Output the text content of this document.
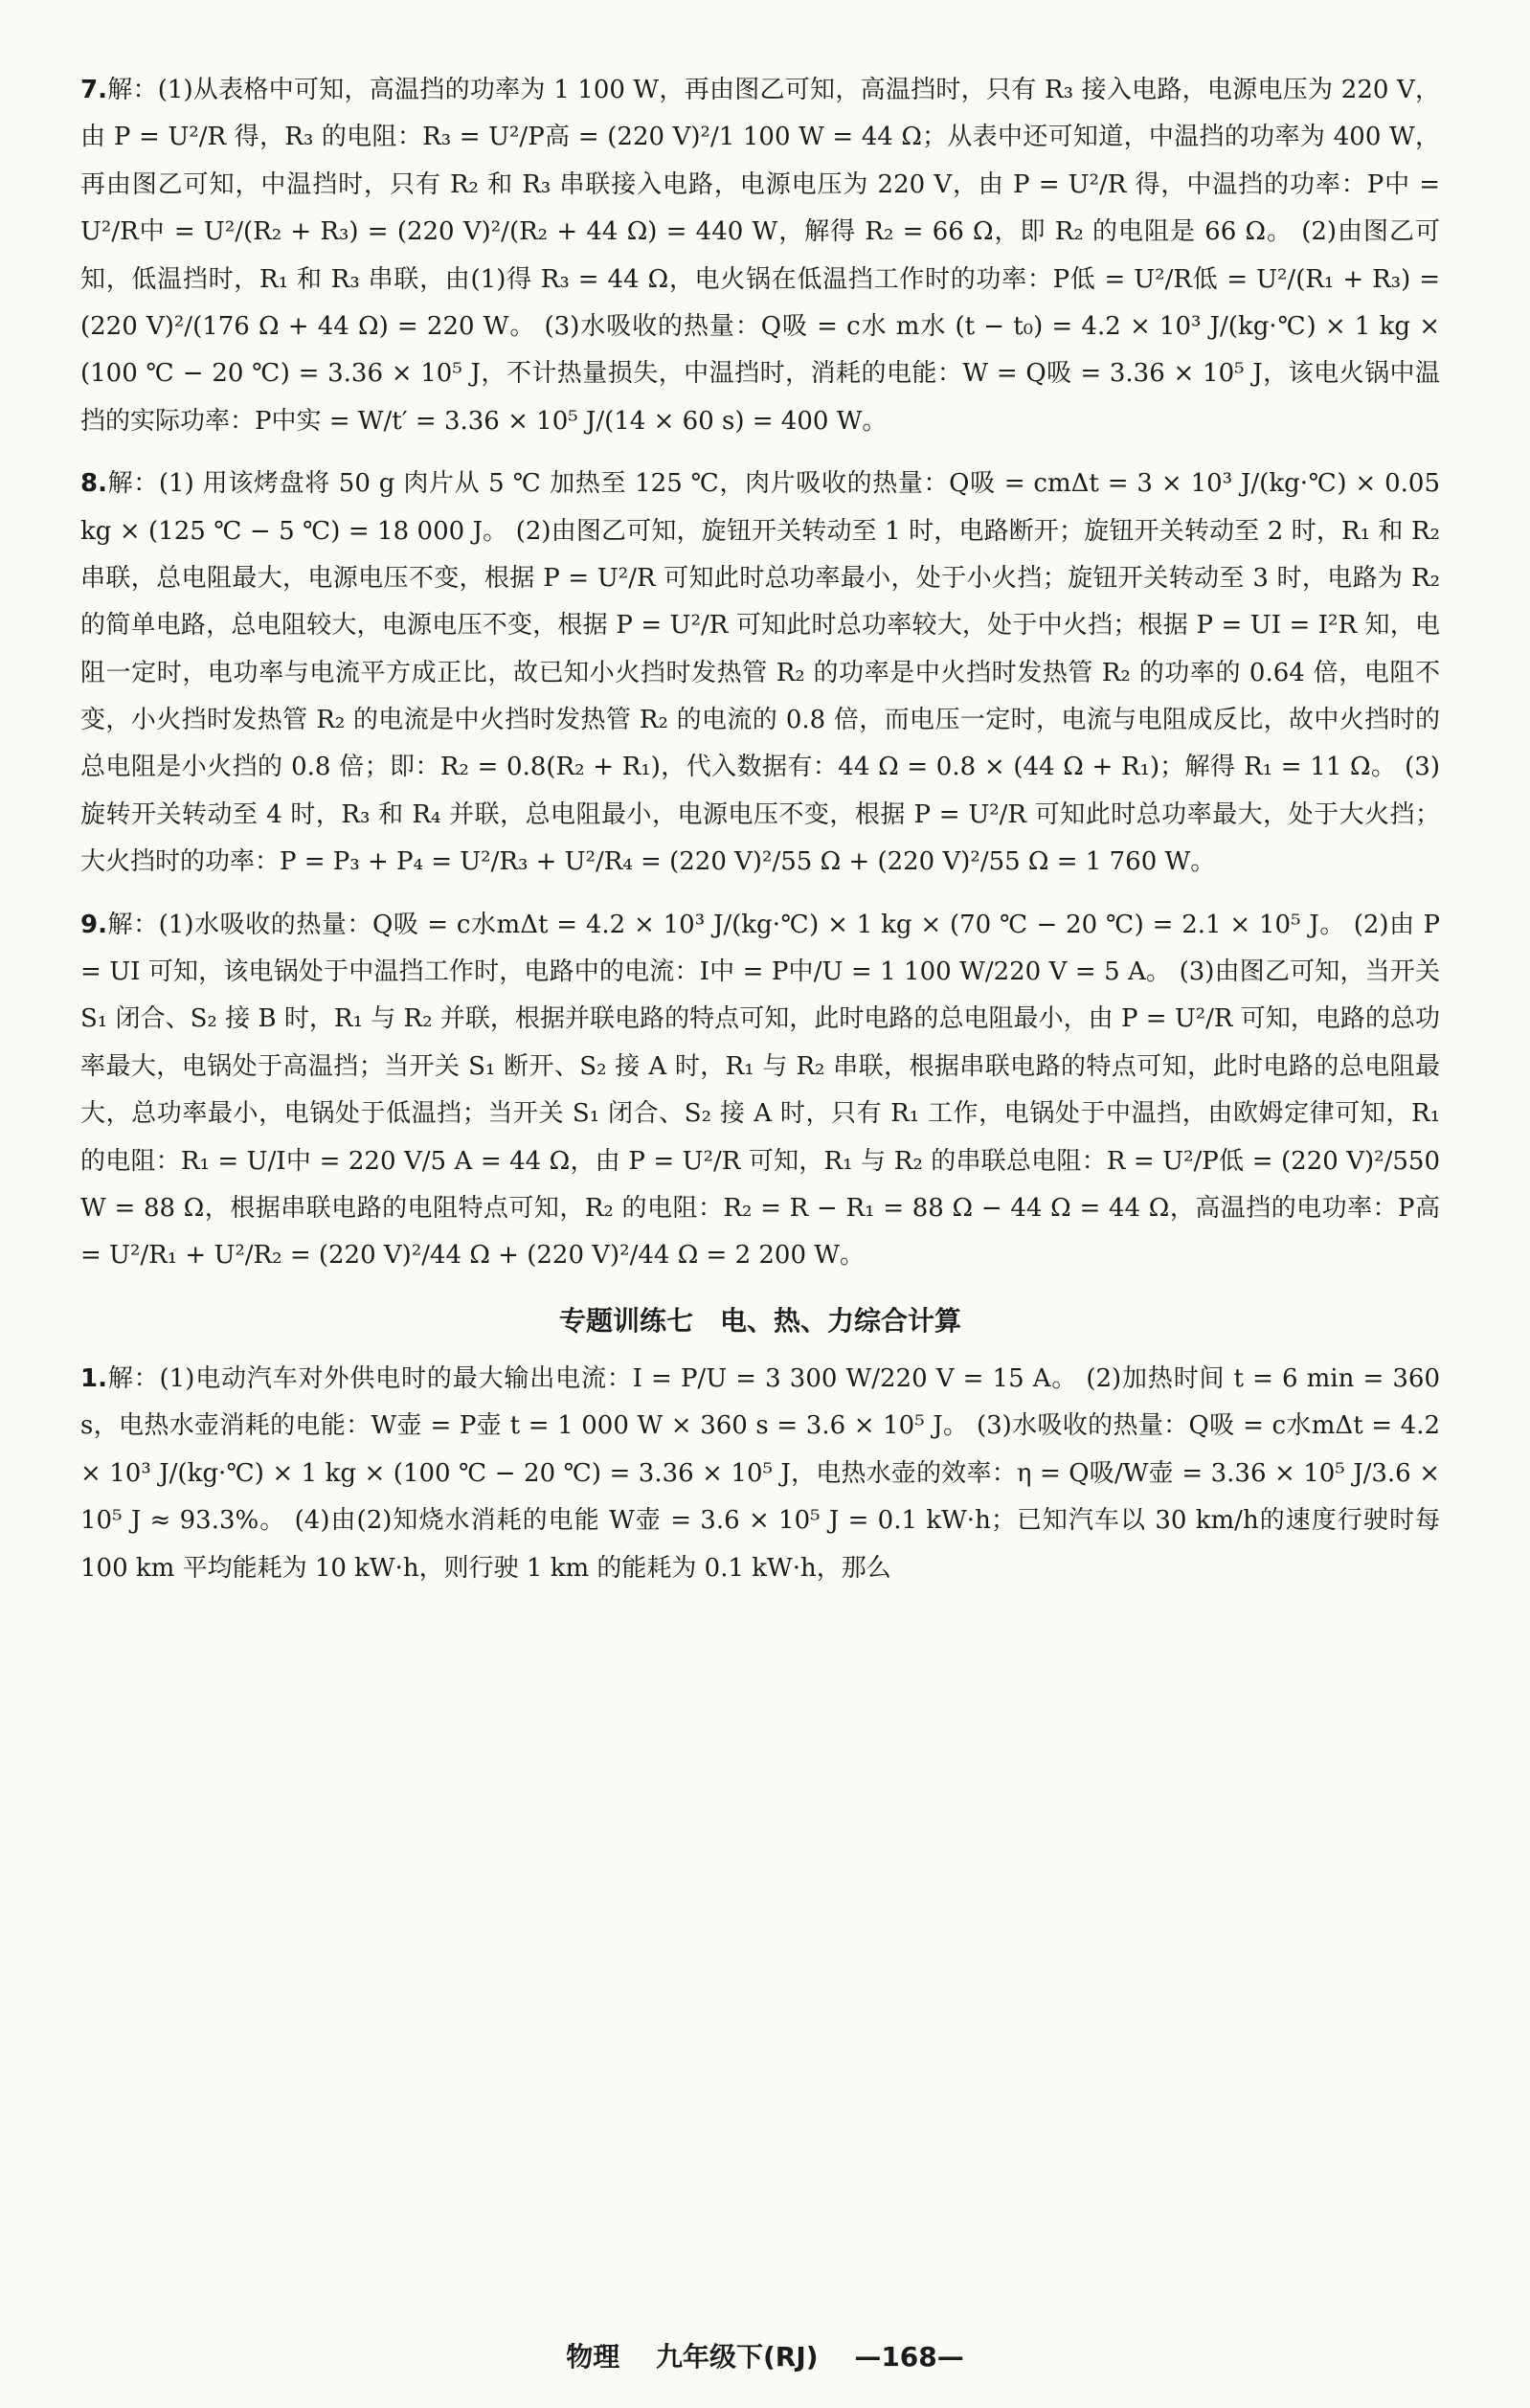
7.解：(1)从表格中可知，高温挡的功率为 1 100 W，再由图乙可知，高温挡时，只有 R₃ 接入电路，电源电压为 220 V，由 P = U²/R 得，R₃ 的电阻：R₃ = U²/P高 = (220 V)²/1 100 W = 44 Ω；从表中还可知道，中温挡的功率为 400 W，再由图乙可知，中温挡时，只有 R₂ 和 R₃ 串联接入电路，电源电压为 220 V，由 P = U²/R 得，中温挡的功率：P中 = U²/R中 = U²/(R₂ + R₃) = (220 V)²/(R₂ + 44 Ω) = 440 W，解得 R₂ = 66 Ω，即 R₂ 的电阻是 66 Ω。 (2)由图乙可知，低温挡时，R₁ 和 R₃ 串联，由(1)得 R₃ = 44 Ω，电火锅在低温挡工作时的功率：P低 = U²/R低 = U²/(R₁ + R₃) = (220 V)²/(176 Ω + 44 Ω) = 220 W。 (3)水吸收的热量：Q吸 = c水 m水 (t − t₀) = 4.2 × 10³ J/(kg·℃) × 1 kg × (100 ℃ − 20 ℃) = 3.36 × 10⁵ J，不计热量损失，中温挡时，消耗的电能：W = Q吸 = 3.36 × 10⁵ J，该电火锅中温挡的实际功率：P中实 = W/t′ = 3.36 × 10⁵ J/(14 × 60 s) = 400 W。

8.解：(1) 用该烤盘将 50 g 肉片从 5 ℃ 加热至 125 ℃，肉片吸收的热量：Q吸 = cmΔt = 3 × 10³ J/(kg·℃) × 0.05 kg × (125 ℃ − 5 ℃) = 18 000 J。 (2)由图乙可知，旋钮开关转动至 1 时，电路断开；旋钮开关转动至 2 时，R₁ 和 R₂ 串联，总电阻最大，电源电压不变，根据 P = U²/R 可知此时总功率最小，处于小火挡；旋钮开关转动至 3 时，电路为 R₂ 的简单电路，总电阻较大，电源电压不变，根据 P = U²/R 可知此时总功率较大，处于中火挡；根据 P = UI = I²R 知，电阻一定时，电功率与电流平方成正比，故已知小火挡时发热管 R₂ 的功率是中火挡时发热管 R₂ 的功率的 0.64 倍，电阻不变，小火挡时发热管 R₂ 的电流是中火挡时发热管 R₂ 的电流的 0.8 倍，而电压一定时，电流与电阻成反比，故中火挡时的总电阻是小火挡的 0.8 倍；即：R₂ = 0.8(R₂ + R₁)，代入数据有：44 Ω = 0.8 × (44 Ω + R₁)；解得 R₁ = 11 Ω。 (3)旋转开关转动至 4 时，R₃ 和 R₄ 并联，总电阻最小，电源电压不变，根据 P = U²/R 可知此时总功率最大，处于大火挡；大火挡时的功率：P = P₃ + P₄ = U²/R₃ + U²/R₄ = (220 V)²/55 Ω + (220 V)²/55 Ω = 1 760 W。

9.解：(1)水吸收的热量：Q吸 = c水mΔt = 4.2 × 10³ J/(kg·℃) × 1 kg × (70 ℃ − 20 ℃) = 2.1 × 10⁵ J。 (2)由 P = UI 可知，该电锅处于中温挡工作时，电路中的电流：I中 = P中/U = 1 100 W/220 V = 5 A。 (3)由图乙可知，当开关 S₁ 闭合、S₂ 接 B 时，R₁ 与 R₂ 并联，根据并联电路的特点可知，此时电路的总电阻最小，由 P = U²/R 可知，电路的总功率最大，电锅处于高温挡；当开关 S₁ 断开、S₂ 接 A 时，R₁ 与 R₂ 串联，根据串联电路的特点可知，此时电路的总电阻最大，总功率最小，电锅处于低温挡；当开关 S₁ 闭合、S₂ 接 A 时，只有 R₁ 工作，电锅处于中温挡，由欧姆定律可知，R₁ 的电阻：R₁ = U/I中 = 220 V/5 A = 44 Ω，由 P = U²/R 可知，R₁ 与 R₂ 的串联总电阻：R = U²/P低 = (220 V)²/550 W = 88 Ω，根据串联电路的电阻特点可知，R₂ 的电阻：R₂ = R − R₁ = 88 Ω − 44 Ω = 44 Ω，高温挡的电功率：P高 = U²/R₁ + U²/R₂ = (220 V)²/44 Ω + (220 V)²/44 Ω = 2 200 W。

专题训练七　电、热、力综合计算

1.解：(1)电动汽车对外供电时的最大输出电流：I = P/U = 3 300 W/220 V = 15 A。 (2)加热时间 t = 6 min = 360 s，电热水壶消耗的电能：W壶 = P壶 t = 1 000 W × 360 s = 3.6 × 10⁵ J。 (3)水吸收的热量：Q吸 = c水mΔt = 4.2 × 10³ J/(kg·℃) × 1 kg × (100 ℃ − 20 ℃) = 3.36 × 10⁵ J，电热水壶的效率：η = Q吸/W壶 = 3.36 × 10⁵ J/3.6 × 10⁵ J ≈ 93.3%。 (4)由(2)知烧水消耗的电能 W壶 = 3.6 × 10⁵ J = 0.1 kW·h；已知汽车以 30 km/h的速度行驶时每 100 km 平均能耗为 10 kW·h，则行驶 1 km 的能耗为 0.1 kW·h，那么

物理 九年级下(RJ) —168—
